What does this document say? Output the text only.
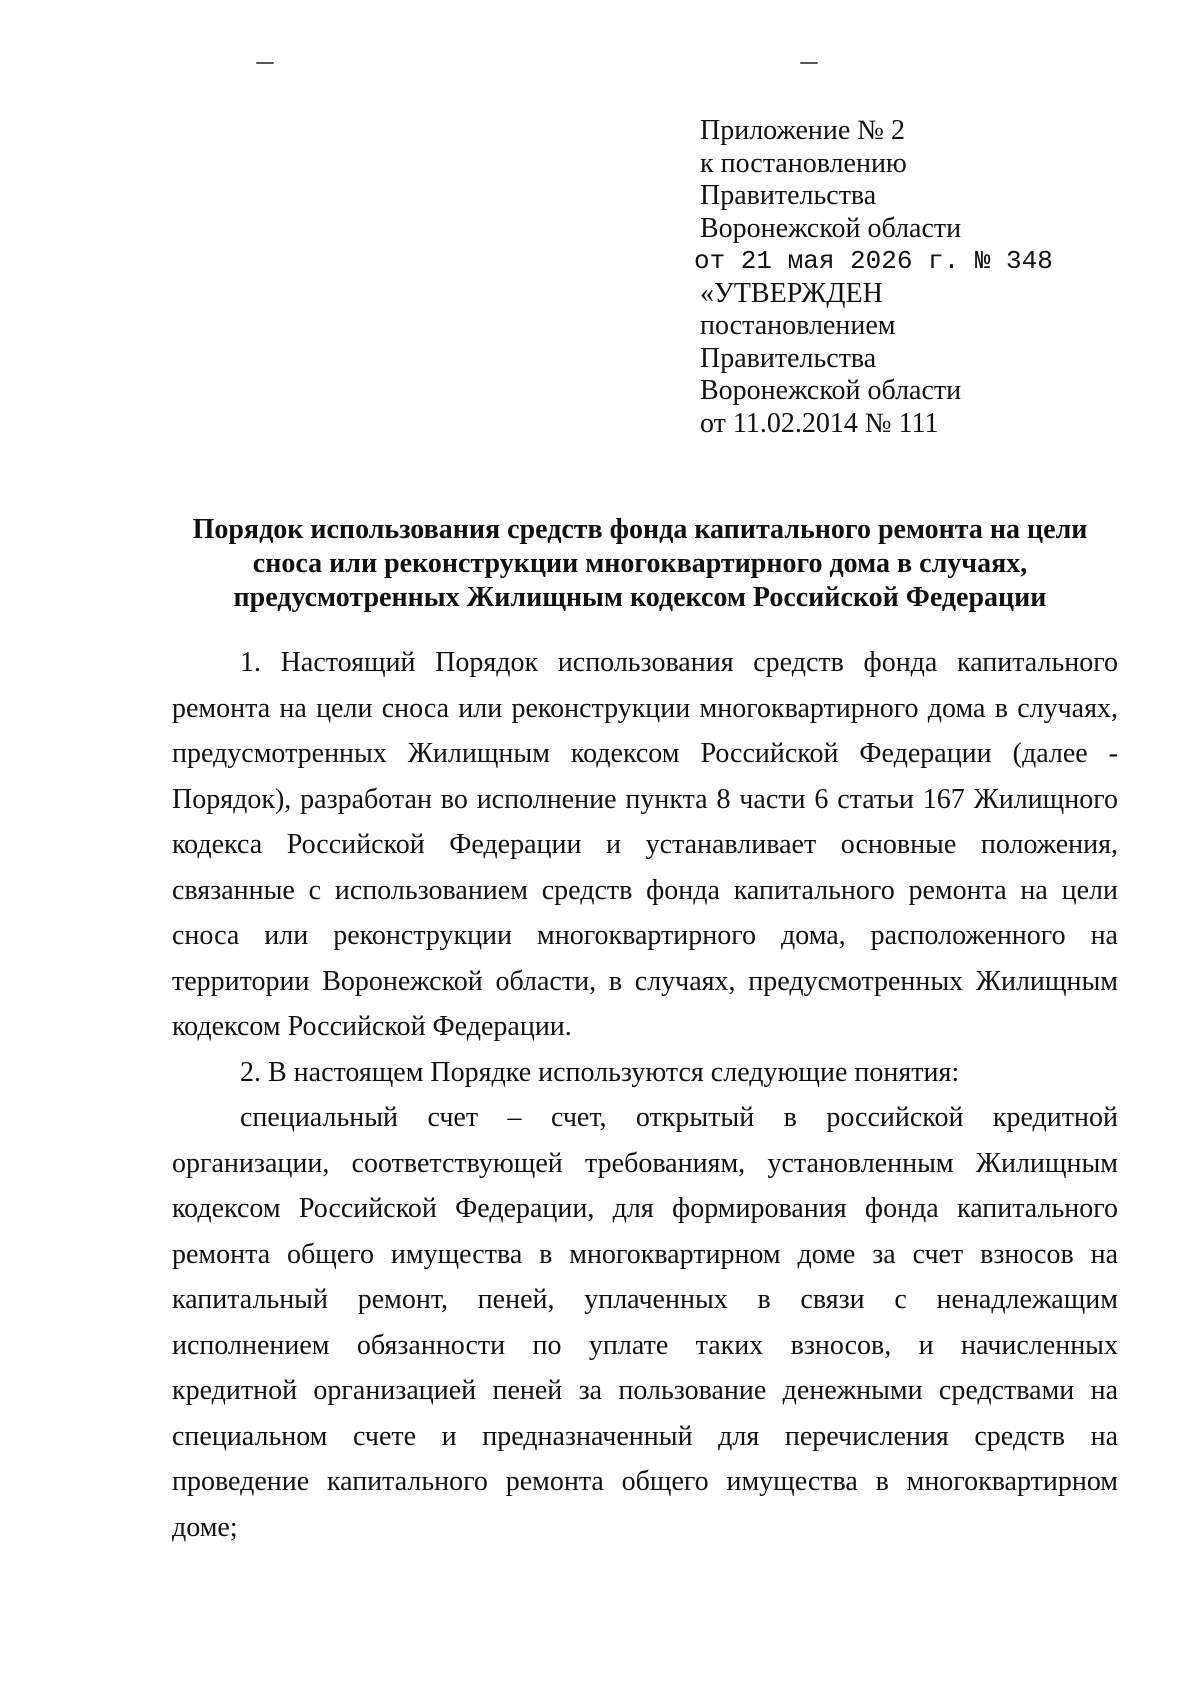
Приложение № 2
к постановлению
Правительства
Воронежской области
от 21 мая 2026 г. № 348
«УТВЕРЖДЕН
постановлением
Правительства
Воронежской области
от 11.02.2014 № 111
Порядок использования средств фонда капитального ремонта на цели
сноса или реконструкции многоквартирного дома в случаях,
предусмотренных Жилищным кодексом Российской Федерации

1. Настоящий Порядок использования средств фонда капитального
ремонта на цели сноса или реконструкции многоквартирного дома в случаях,
предусмотренных Жилищным кодексом Российской Федерации (далее -
Порядок), разработан во исполнение пункта 8 части 6 статьи 167 Жилищного
кодекса Российской Федерации и устанавливает основные положения,
связанные с использованием средств фонда капитального ремонта на цели
сноса или реконструкции многоквартирного дома, расположенного на
территории Воронежской области, в случаях, предусмотренных Жилищным
кодексом Российской Федерации.

2. В настоящем Порядке используются следующие понятия:

специальный счет – счет, открытый в российской кредитной
организации, соответствующей требованиям, установленным Жилищным
кодексом Российской Федерации, для формирования фонда капитального
ремонта общего имущества в многоквартирном доме за счет взносов на
капитальный ремонт, пеней, уплаченных в связи с ненадлежащим
исполнением обязанности по уплате таких взносов, и начисленных
кредитной организацией пеней за пользование денежными средствами на
специальном счете и предназначенный для перечисления средств на
проведение капитального ремонта общего имущества в многоквартирном
доме;
